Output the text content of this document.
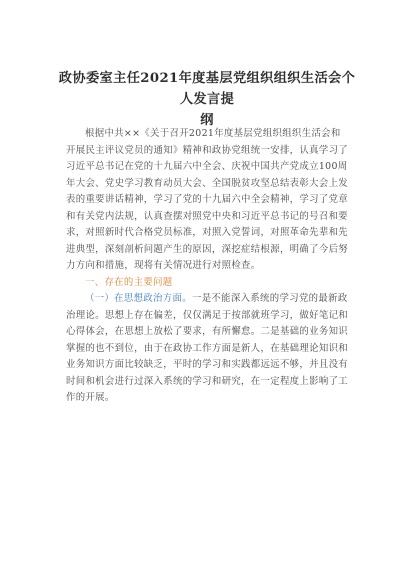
政协委室主任2021年度基层党组织组织生活会个人发言提
纲
根据中共××《关于召开2021年度基层党组织组织生活会和
开展民主评议党员的通知》精神和政协党组统一安排，认真学习了
习近平总书记在党的十九届六中全会、庆祝中国共产党成立100周
年大会、党史学习教育动员大会、全国脱贫攻坚总结表彰大会上发
表的重要讲话精神，学习了党的十九届六中全会精神，学习了党章
和有关党内法规，认真查摆对照党中央和习近平总书记的号召和要
求，对照新时代合格党员标准，对照入党誓词，对照革命先辈和先
进典型，深刻剖析问题产生的原因，深挖症结根源，明确了今后努
力方向和措施，现将有关情况进行对照检查。
一、存在的主要问题
（一）在思想政治方面。一是不能深入系统的学习党的最新政
治理论。思想上存在偏差，仅仅满足于按部就班学习，做好笔记和
心得体会，在思想上放松了要求，有所懈怠。二是基础的业务知识
掌握的也不到位，由于在政协工作方面是新人，在基础理论知识和
业务知识方面比较缺乏，平时的学习和实践都远远不够，并且没有
时间和机会进行过深入系统的学习和研究，在一定程度上影响了工
作的开展。
